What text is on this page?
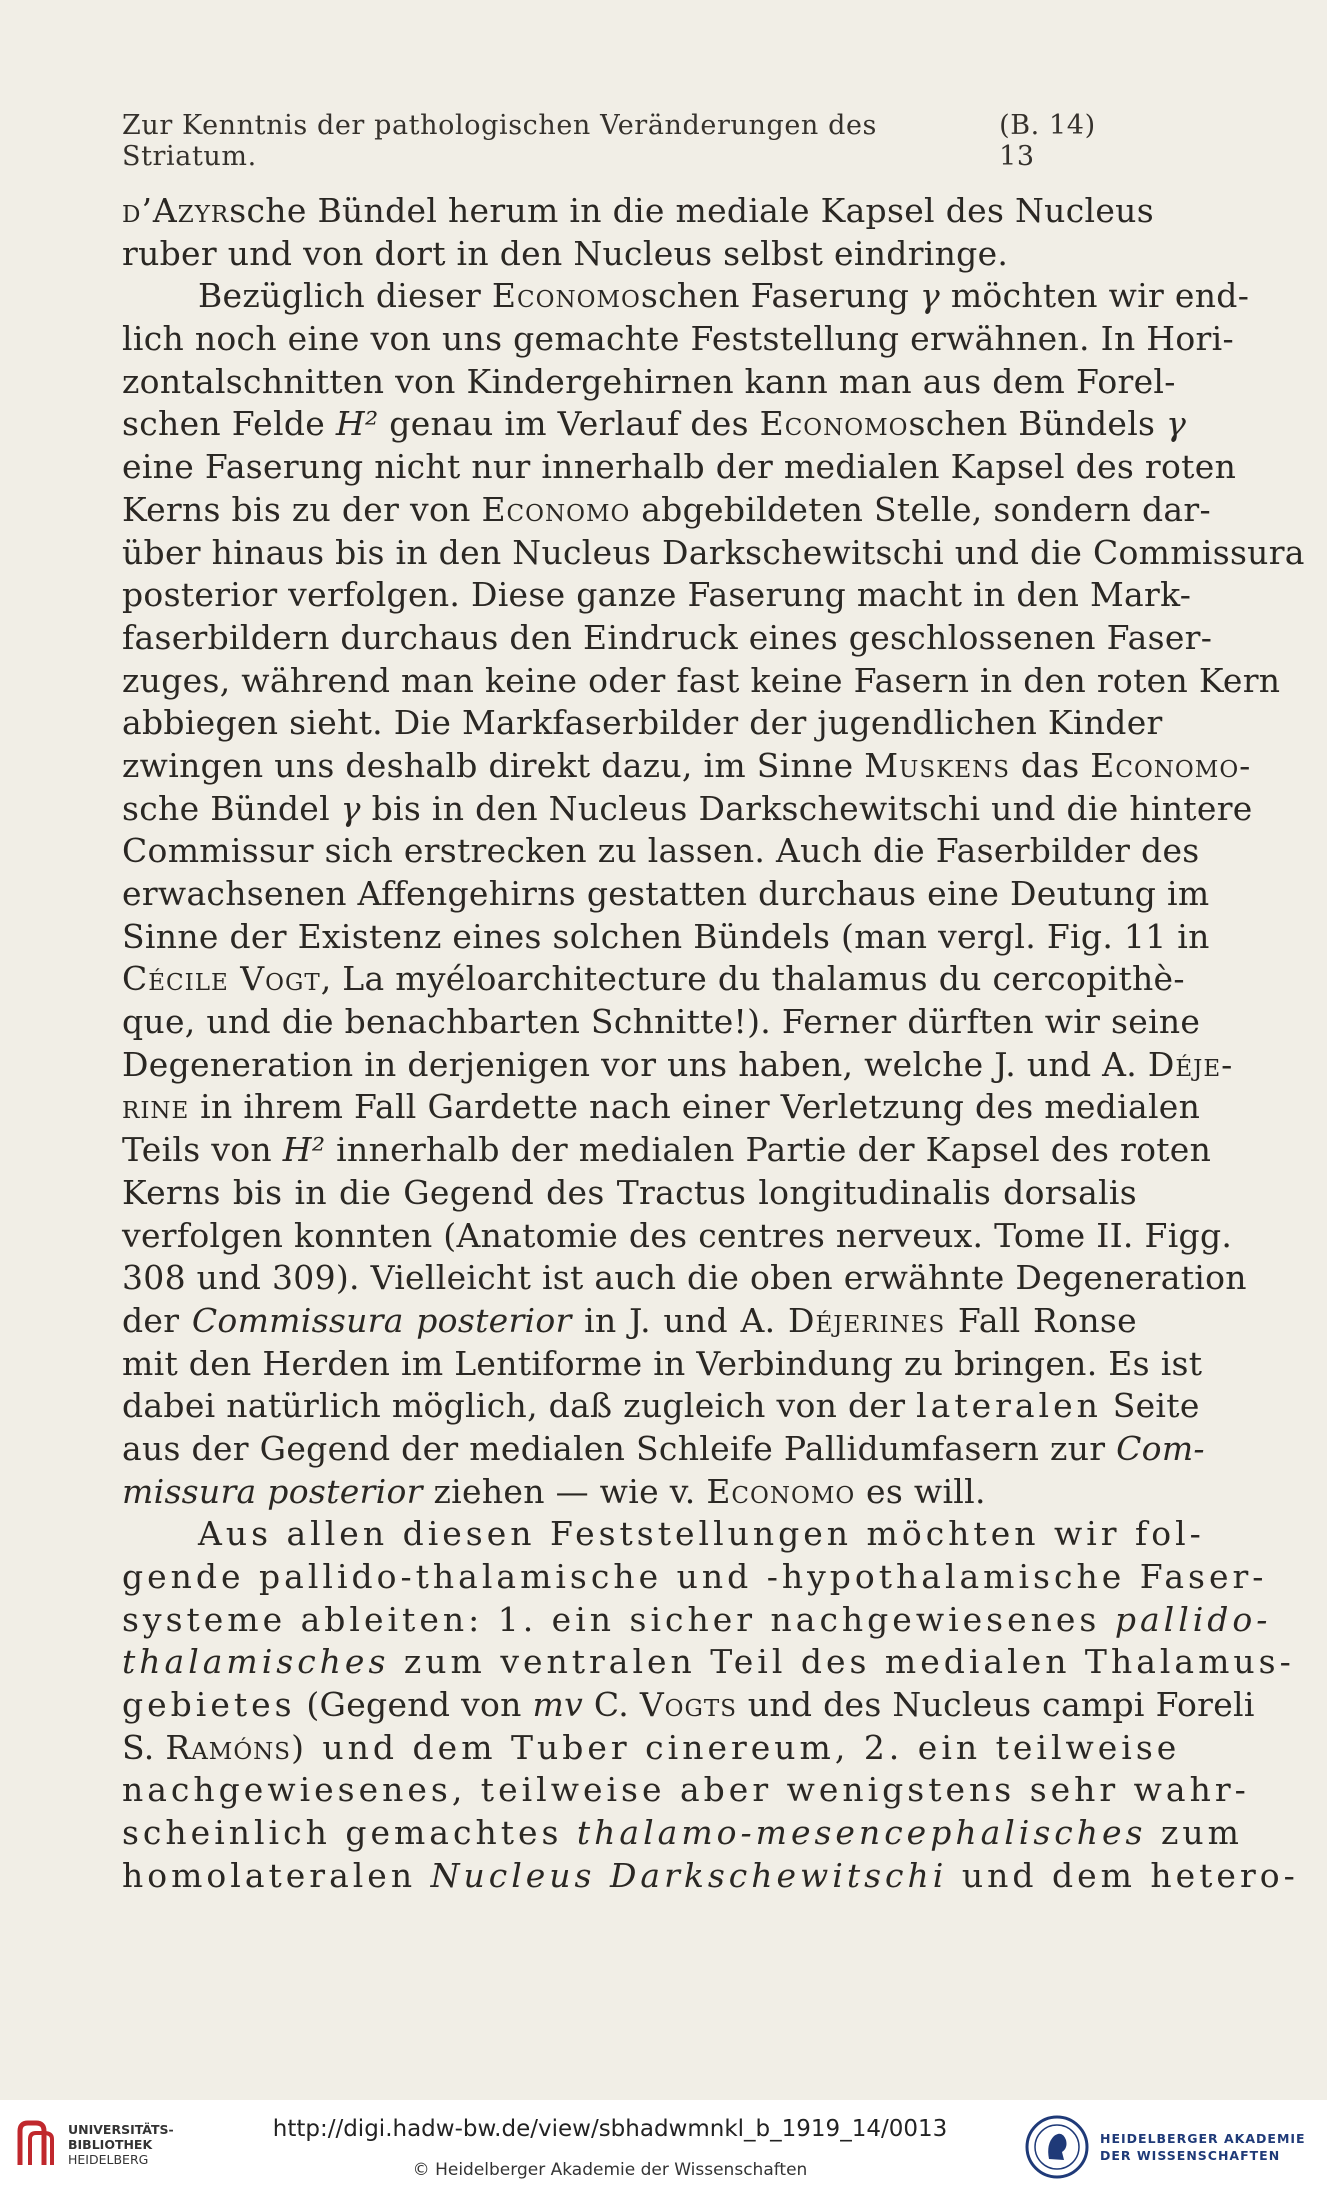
Zur Kenntnis der pathologischen Veränderungen des Striatum.
(B. 14) 13
d’Azyrsche Bündel herum in die mediale Kapsel des Nucleus
ruber und von dort in den Nucleus selbst eindringe.
Bezüglich dieser Economoschen Faserung γ möchten wir end-
lich noch eine von uns gemachte Feststellung erwähnen. In Hori-
zontalschnitten von Kindergehirnen kann man aus dem Forel-
schen Felde H² genau im Verlauf des Economoschen Bündels γ
eine Faserung nicht nur innerhalb der medialen Kapsel des roten
Kerns bis zu der von Economo abgebildeten Stelle, sondern dar-
über hinaus bis in den Nucleus Darkschewitschi und die Commissura
posterior verfolgen. Diese ganze Faserung macht in den Mark-
faserbildern durchaus den Eindruck eines geschlossenen Faser-
zuges, während man keine oder fast keine Fasern in den roten Kern
abbiegen sieht. Die Markfaserbilder der jugendlichen Kinder
zwingen uns deshalb direkt dazu, im Sinne Muskens das Economo-
sche Bündel γ bis in den Nucleus Darkschewitschi und die hintere
Commissur sich erstrecken zu lassen. Auch die Faserbilder des
erwachsenen Affengehirns gestatten durchaus eine Deutung im
Sinne der Existenz eines solchen Bündels (man vergl. Fig. 11 in
Cécile Vogt, La myéloarchitecture du thalamus du cercopithè-
que, und die benachbarten Schnitte!). Ferner dürften wir seine
Degeneration in derjenigen vor uns haben, welche J. und A. Déje-
rine in ihrem Fall Gardette nach einer Verletzung des medialen
Teils von H² innerhalb der medialen Partie der Kapsel des roten
Kerns bis in die Gegend des Tractus longitudinalis dorsalis
verfolgen konnten (Anatomie des centres nerveux. Tome II. Figg.
308 und 309). Vielleicht ist auch die oben erwähnte Degeneration
der Commissura posterior in J. und A. Déjerines Fall Ronse
mit den Herden im Lentiforme in Verbindung zu bringen. Es ist
dabei natürlich möglich, daß zugleich von der lateralen Seite
aus der Gegend der medialen Schleife Pallidumfasern zur Com-
missura posterior ziehen — wie v. Economo es will.
Aus allen diesen Feststellungen möchten wir fol-
gende pallido-thalamische und -hypothalamische Faser-
systeme ableiten: 1. ein sicher nachgewiesenes pallido-
thalamisches zum ventralen Teil des medialen Thalamus-
gebietes (Gegend von mv C. Vogts und des Nucleus campi Foreli
S. Ramóns) und dem Tuber cinereum, 2. ein teilweise
nachgewiesenes, teilweise aber wenigstens sehr wahr-
scheinlich gemachtes thalamo-mesencephalisches zum
homolateralen Nucleus Darkschewitschi und dem hetero-
UNIVERSITÄTS-
BIBLIOTHEK
HEIDELBERG
http://digi.hadw-bw.de/view/sbhadwmnkl_b_1919_14/0013
© Heidelberger Akademie der Wissenschaften
HEIDELBERGER AKADEMIE
DER WISSENSCHAFTEN
